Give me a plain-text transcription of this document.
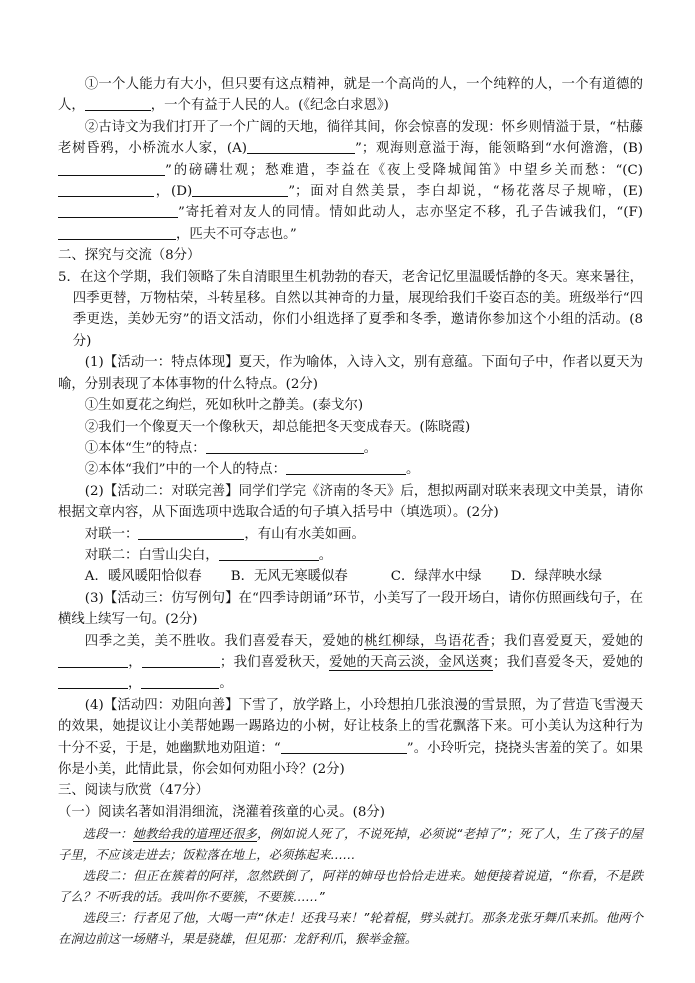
①一个人能力有大小，但只要有这点精神，就是一个高尚的人，一个纯粹的人，一个有道德的人，	，一个有益于人民的人。(《纪念白求恩》)

②古诗文为我们打开了一个广阔的天地，徜徉其间，你会惊喜的发现：怀乡则情溢于景，“枯藤老树昏鸦，小桥流水人家，(A)	”；观海则意溢于海，能领略到“水何澹澹，(B)”的磅礴壮观；愁难遣，李益在《夜上受降城闻笛》中望乡关而愁：“(C)，(D)	”；面对自然美景，李白却说，“杨花落尽子规啼，(E)”寄托着对友人的同情。情如此动人，志亦坚定不移，孔子告诫我们，“(F)，匹夫不可夺志也。”

二、探究与交流（8分）

5．在这个学期，我们领略了朱自清眼里生机勃勃的春天，老舍记忆里温暖恬静的冬天。寒来暑往，四季更替，万物枯荣，斗转星移。自然以其神奇的力量，展现给我们千姿百态的美。班级举行“四季更迭，美妙无穷”的语文活动，你们小组选择了夏季和冬季，邀请你参加这个小组的活动。(8分)

(1)【活动一：特点体现】夏天，作为喻体，入诗入文，别有意蕴。下面句子中，作者以夏天为喻，分别表现了本体事物的什么特点。(2分)

①生如夏花之绚烂，死如秋叶之静美。(泰戈尔)

②我们一个像夏天一个像秋天，却总能把冬天变成春天。(陈晓霞)

①本体“生”的特点：	。

②本体“我们”中的一个人的特点：	。

(2)【活动二：对联完善】同学们学完《济南的冬天》后，想拟两副对联来表现文中美景，请你根据文章内容，从下面选项中选取合适的句子填入括号中（填选项）。(2分)

对联一：	，有山有水美如画。

对联二：白雪山尖白，	。

A．暖风暖阳恰似春	B．无风无寒暖似春	C．绿萍水中绿	D．绿萍映水绿

(3)【活动三：仿写例句】在“四季诗朗诵”环节，小美写了一段开场白，请你仿照画线句子，在横线上续写一句。(2分)

四季之美，美不胜收。我们喜爱春天，爱她的桃红柳绿，鸟语花香；我们喜爱夏天，爱她的，	；我们喜爱秋天，爱她的天高云淡，金风送爽；我们喜爱冬天，爱她的，	。

(4)【活动四：劝阻向善】下雪了，放学路上，小玲想拍几张浪漫的雪景照，为了营造飞雪漫天的效果，她提议让小美帮她踢一踢路边的小树，好让枝条上的雪花飘落下来。可小美认为这种行为十分不妥，于是，她幽默地劝阻道：“	”。小玲听完，挠挠头害羞的笑了。如果你是小美，此情此景，你会如何劝阻小玲？(2分)

三、阅读与欣赏（47分）

（一）阅读名著如涓涓细流，浇灌着孩童的心灵。(8分)

选段一：她教给我的道理还很多，例如说人死了，不说死掉，必须说“老掉了”；死了人，生了孩子的屋子里，不应该走进去；饭粒落在地上，必须拣起来……

选段二：但正在簇着的阿祥，忽然跌倒了，阿祥的婶母也恰恰走进来。她便接着说道，“你看，不是跌了么？不听我的话。我叫你不要簇，不要簇……”

选段三：行者见了他，大喝一声“休走！还我马来！”轮着棍，劈头就打。那条龙张牙舞爪来抓。他两个在涧边前这一场赌斗，果是骁雄，但见那：龙舒利爪，猴举金箍。
